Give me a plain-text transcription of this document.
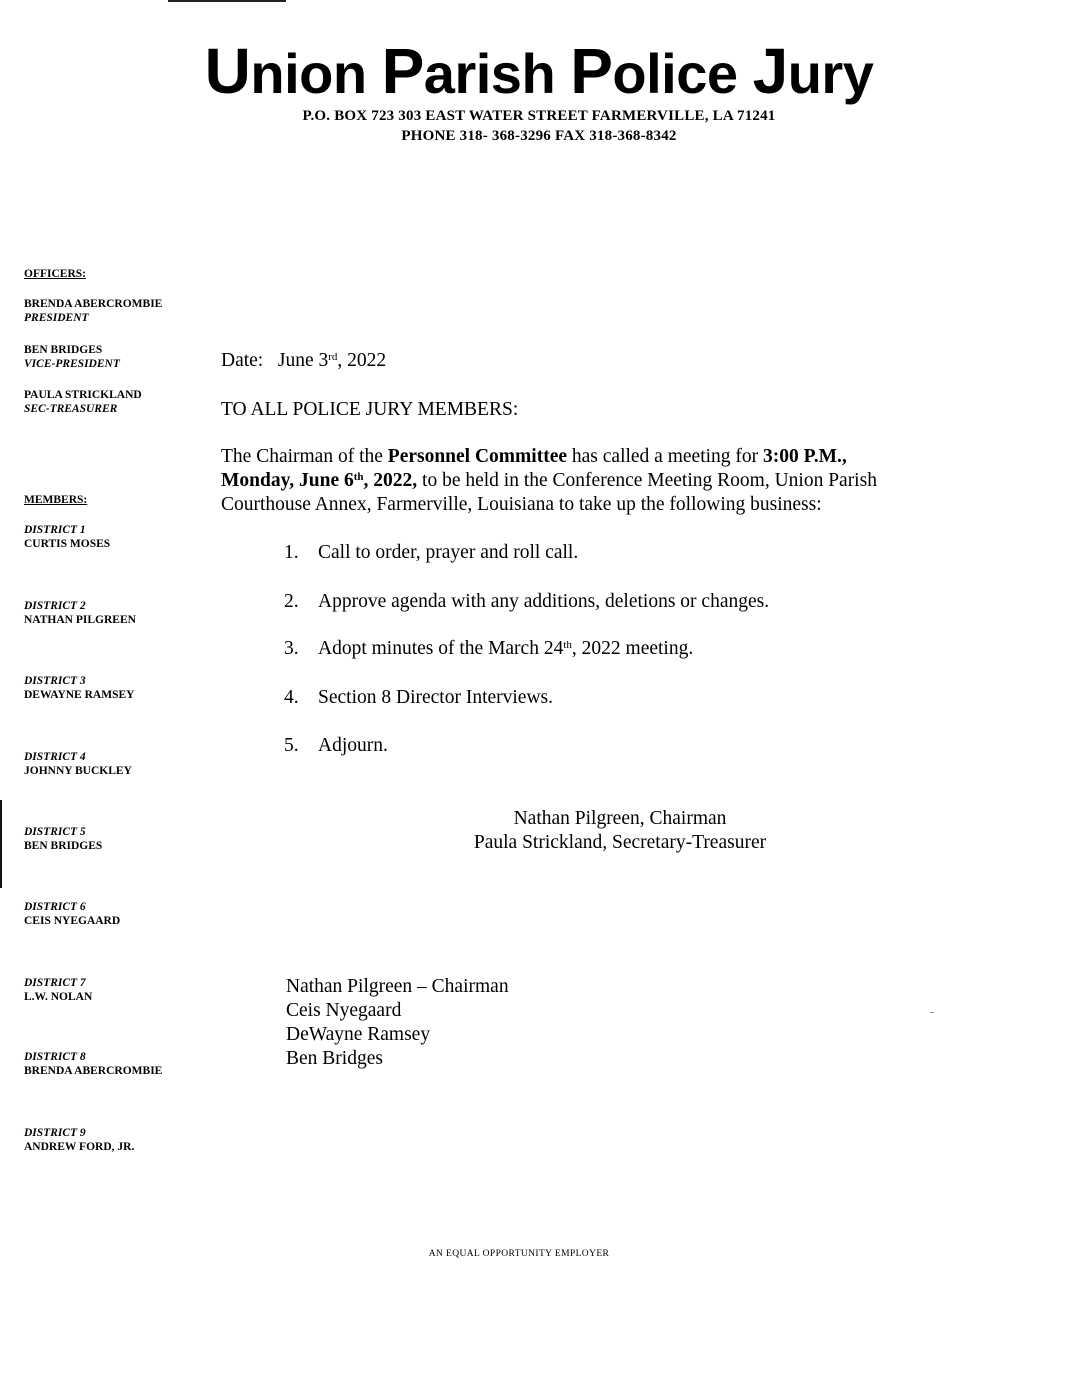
Union Parish Police Jury
P.O. BOX 723 303 EAST WATER STREET FARMERVILLE, LA 71241
PHONE 318- 368-3296 FAX 318-368-8342
OFFICERS:
BRENDA ABERCROMBIE
PRESIDENT
BEN BRIDGES
VICE-PRESIDENT
PAULA STRICKLAND
SEC-TREASURER
MEMBERS:
DISTRICT 1
CURTIS MOSES
DISTRICT 2
NATHAN PILGREEN
DISTRICT 3
DEWAYNE RAMSEY
DISTRICT 4
JOHNNY BUCKLEY
DISTRICT 5
BEN BRIDGES
DISTRICT 6
CEIS NYEGAARD
DISTRICT 7
L.W. NOLAN
DISTRICT 8
BRENDA ABERCROMBIE
DISTRICT 9
ANDREW FORD, JR.
Date: June 3rd, 2022
TO ALL POLICE JURY MEMBERS:
The Chairman of the Personnel Committee has called a meeting for 3:00 P.M.,
Monday, June 6th, 2022, to be held in the Conference Meeting Room, Union Parish
Courthouse Annex, Farmerville, Louisiana to take up the following business:
1. Call to order, prayer and roll call.
2. Approve agenda with any additions, deletions or changes.
3. Adopt minutes of the March 24th, 2022 meeting.
4. Section 8 Director Interviews.
5. Adjourn.
Nathan Pilgreen, Chairman
Paula Strickland, Secretary-Treasurer
Nathan Pilgreen – Chairman
Ceis Nyegaard
DeWayne Ramsey
Ben Bridges
AN EQUAL OPPORTUNITY EMPLOYER
